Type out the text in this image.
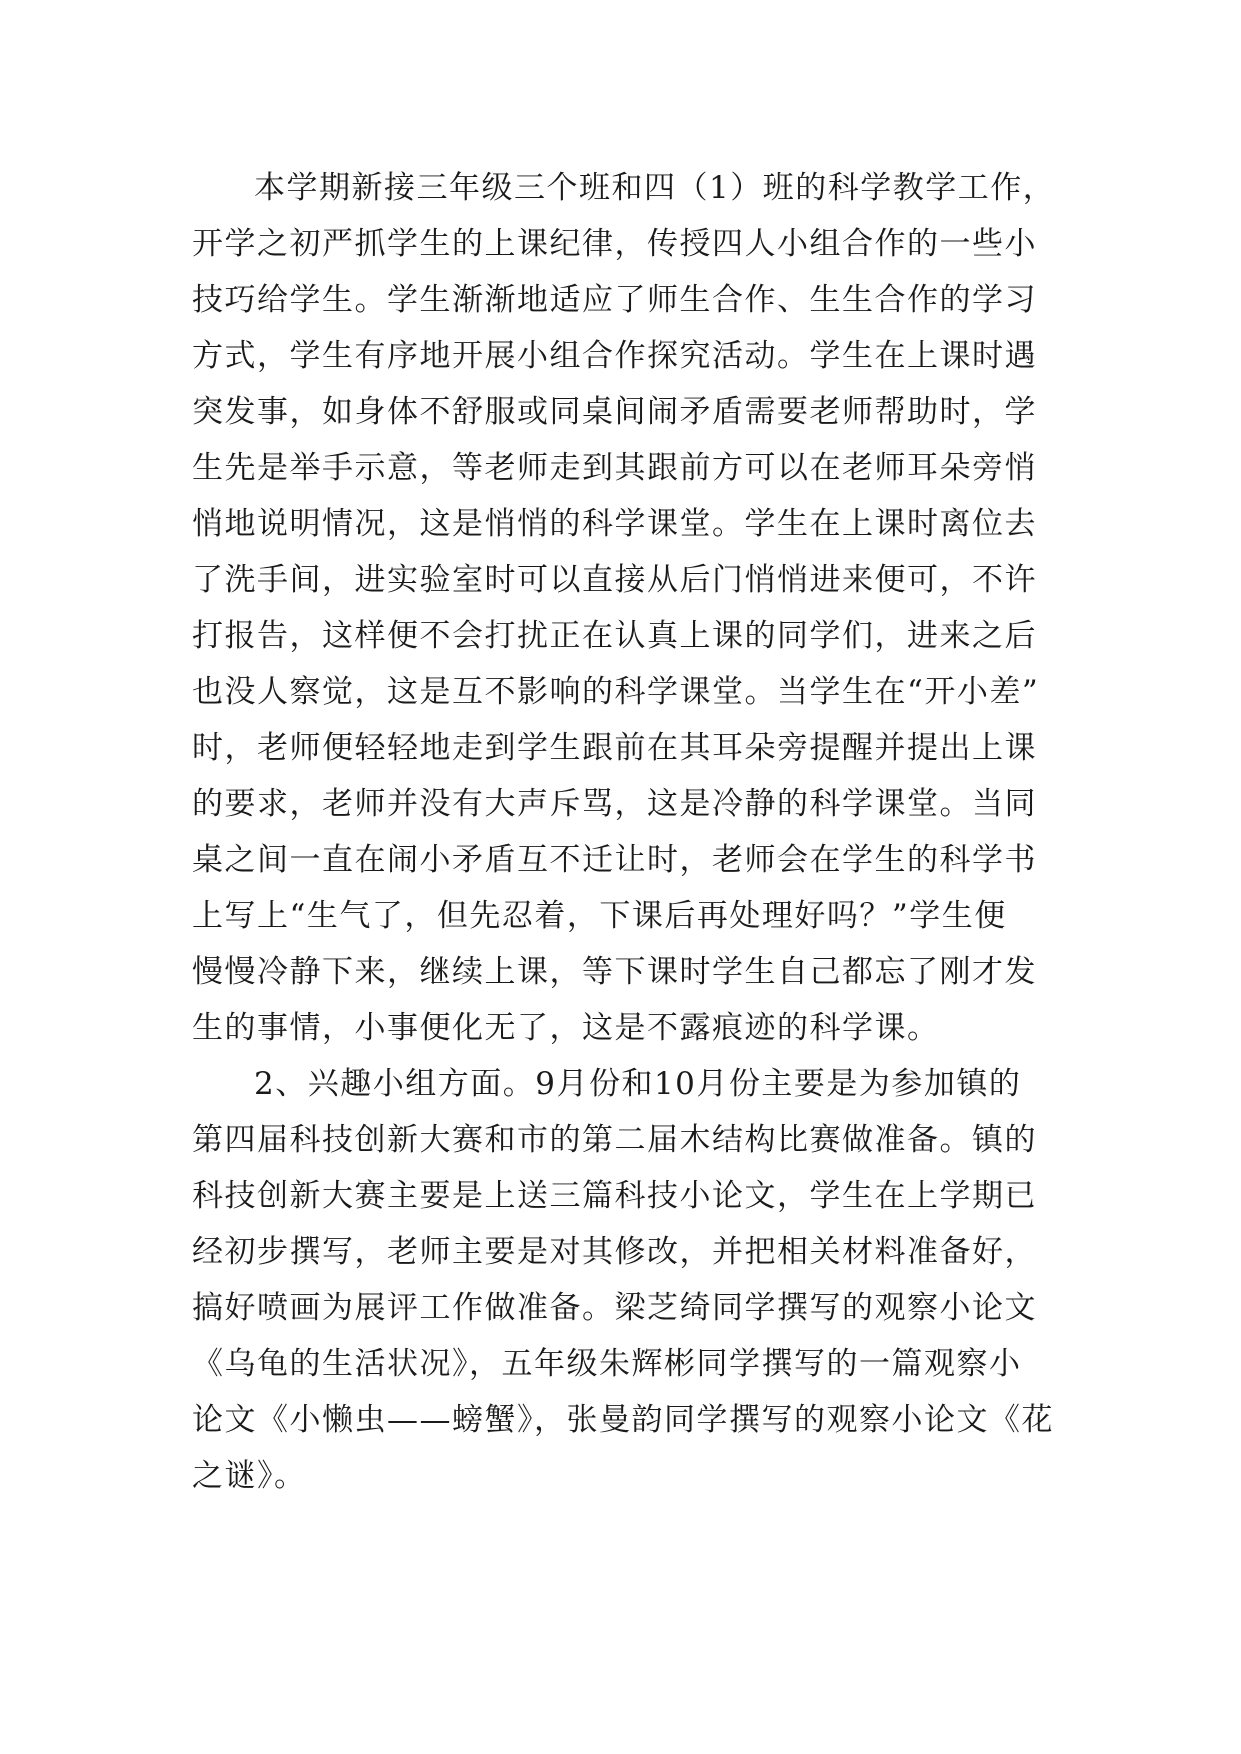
本学期新接三年级三个班和四（1）班的科学教学工作，
开学之初严抓学生的上课纪律，传授四人小组合作的一些小
技巧给学生。学生渐渐地适应了师生合作、生生合作的学习
方式，学生有序地开展小组合作探究活动。学生在上课时遇
突发事，如身体不舒服或同桌间闹矛盾需要老师帮助时，学
生先是举手示意，等老师走到其跟前方可以在老师耳朵旁悄
悄地说明情况，这是悄悄的科学课堂。学生在上课时离位去
了洗手间，进实验室时可以直接从后门悄悄进来便可，不许
打报告，这样便不会打扰正在认真上课的同学们，进来之后
也没人察觉，这是互不影响的科学课堂。当学生在“开小差”
时，老师便轻轻地走到学生跟前在其耳朵旁提醒并提出上课
的要求，老师并没有大声斥骂，这是冷静的科学课堂。当同
桌之间一直在闹小矛盾互不迁让时，老师会在学生的科学书
上写上“生气了，但先忍着，下课后再处理好吗？”学生便
慢慢冷静下来，继续上课，等下课时学生自己都忘了刚才发
生的事情，小事便化无了，这是不露痕迹的科学课。
2、兴趣小组方面。9月份和10月份主要是为参加镇的
第四届科技创新大赛和市的第二届木结构比赛做准备。镇的
科技创新大赛主要是上送三篇科技小论文，学生在上学期已
经初步撰写，老师主要是对其修改，并把相关材料准备好，
搞好喷画为展评工作做准备。梁芝绮同学撰写的观察小论文
《乌龟的生活状况》，五年级朱辉彬同学撰写的一篇观察小
论文《小懒虫——螃蟹》，张曼韵同学撰写的观察小论文《花
之谜》。
